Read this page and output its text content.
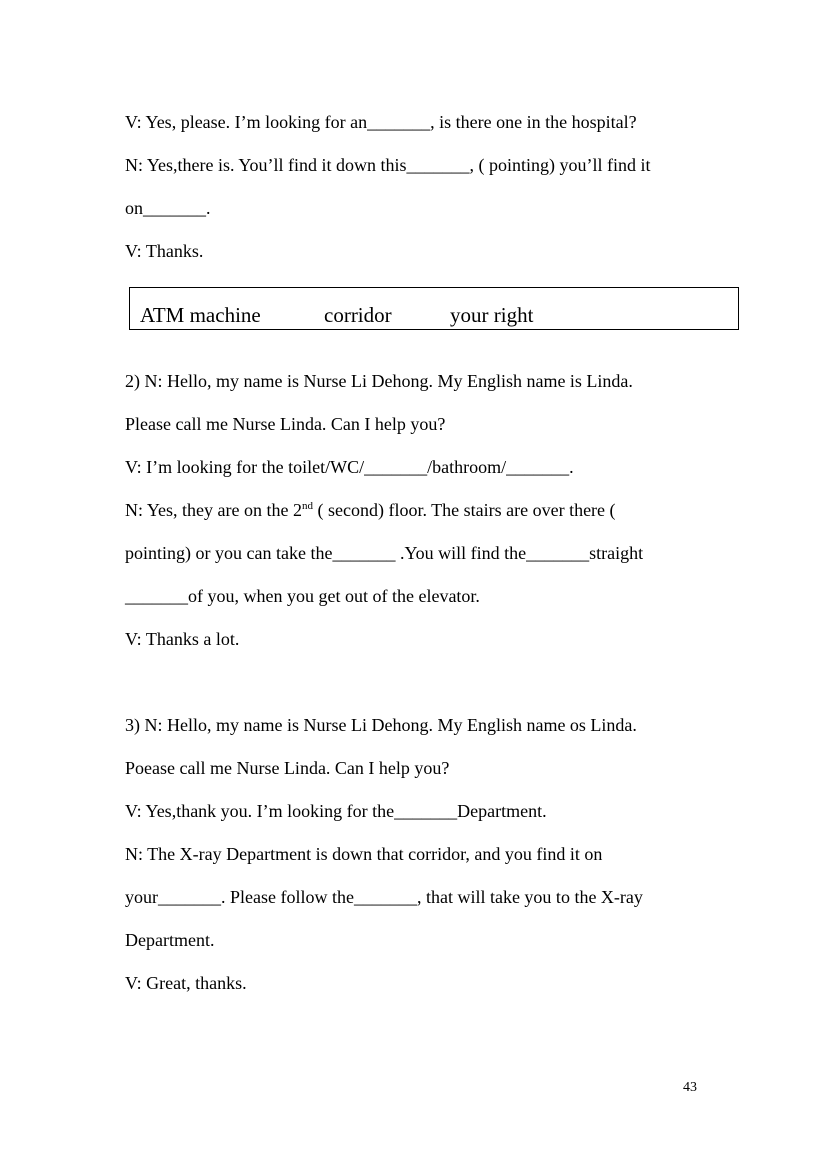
V: Yes, please. I’m looking for an_______, is there one in the hospital?
N: Yes,there is. You’ll find it down this_______, ( pointing) you’ll find it
on_______.
V: Thanks.
ATM machine	corridor	your right
2) N: Hello, my name is Nurse Li Dehong. My English name is Linda.
Please call me Nurse Linda. Can I help you?
V: I’m looking for the toilet/WC/_______/bathroom/_______.
N: Yes, they are on the 2nd ( second) floor. The stairs are over there (
pointing) or you can take the_______ .You will find the_______straight
_______of you, when you get out of the elevator.
V: Thanks a lot.
3) N: Hello, my name is Nurse Li Dehong. My English name os Linda.
Poease call me Nurse Linda. Can I help you?
V: Yes,thank you. I’m looking for the_______Department.
N: The X-ray Department is down that corridor, and you find it on
your_______. Please follow the_______, that will take you to the X-ray
Department.
V: Great, thanks.
43
